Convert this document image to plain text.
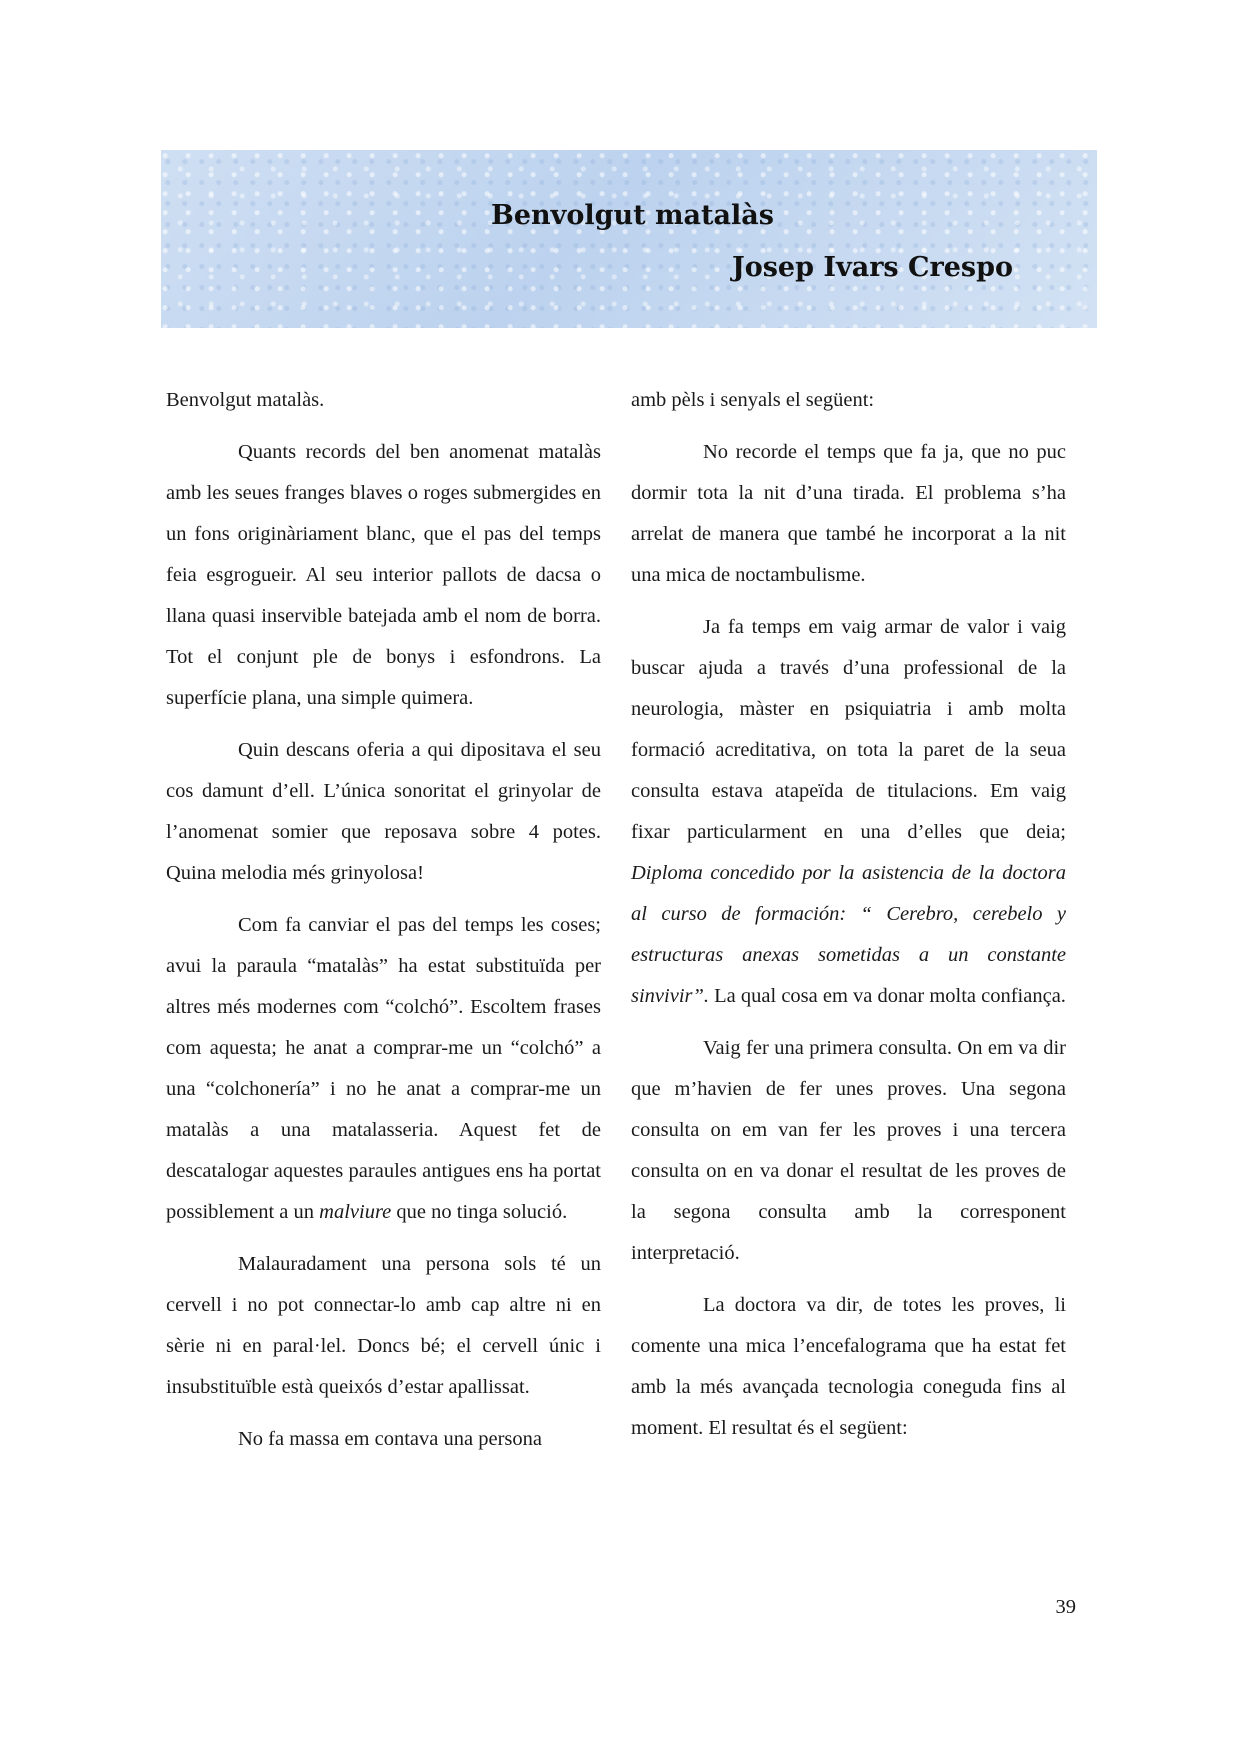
Benvolgut matalàs
Josep Ivars Crespo

Benvolgut matalàs.

Quants records del ben anomenat matalàs amb les seues franges blaves o roges submergides en un fons originàriament blanc, que el pas del temps feia esgrogueir. Al seu interior pallots de dacsa o llana quasi inservible batejada amb el nom de borra. Tot el conjunt ple de bonys i esfondrons. La superfície plana, una simple quimera.

Quin descans oferia a qui dipositava el seu cos damunt d’ell. L’única sonoritat el grinyolar de l’anomenat somier que reposava sobre 4 potes. Quina melodia més grinyolosa!

Com fa canviar el pas del temps les coses; avui la paraula “matalàs” ha estat substituïda per altres més modernes com “colchó”. Escoltem frases com aquesta; he anat a comprar-me un “colchó” a una “colchonería” i no he anat a comprar-me un matalàs a una matalasseria. Aquest fet de descatalogar aquestes paraules antigues ens ha portat possiblement a un malviure que no tinga solució.

Malauradament una persona sols té un cervell i no pot connectar-lo amb cap altre ni en sèrie ni en paral·lel. Doncs bé; el cervell únic i insubstituïble està queixós d’estar apallissat.

No fa massa em contava una persona

amb pèls i senyals el següent:

No recorde el temps que fa ja, que no puc dormir tota la nit d’una tirada. El problema s’ha arrelat de manera que també he incorporat a la nit una mica de noctambulisme.

Ja fa temps em vaig armar de valor i vaig buscar ajuda a través d’una professional de la neurologia, màster en psiquiatria i amb molta formació acreditativa, on tota la paret de la seua consulta estava atapeïda de titulacions. Em vaig fixar particularment en una d’elles que deia; Diploma concedido por la asistencia de la doctora al curso de formación: “ Cerebro, cerebelo y estructuras anexas sometidas a un constante sinvivir”. La qual cosa em va donar molta confiança.

Vaig fer una primera consulta. On em va dir que m’havien de fer unes proves. Una segona consulta on em van fer les proves i una tercera consulta on en va donar el resultat de les proves de la segona consulta amb la corresponent interpretació.

La doctora va dir, de totes les proves, li comente una mica l’encefalograma que ha estat fet amb la més avançada tecnologia coneguda fins al moment. El resultat és el següent:

39
